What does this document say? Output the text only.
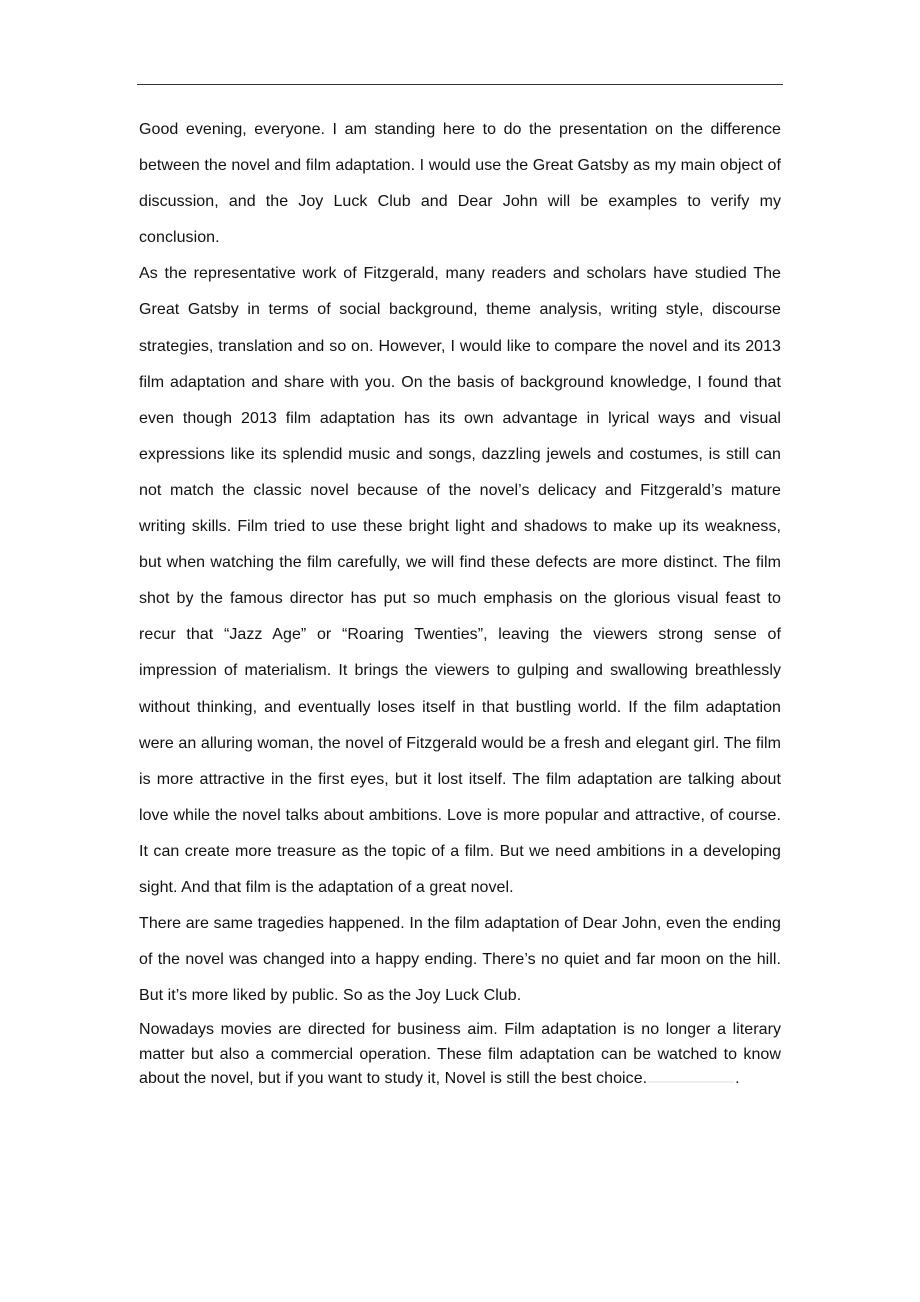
Good evening, everyone. I am standing here to do the presentation on the difference between the novel and film adaptation. I would use the Great Gatsby as my main object of discussion, and the Joy Luck Club and Dear John will be examples to verify my conclusion.

As the representative work of Fitzgerald, many readers and scholars have studied The Great Gatsby in terms of social background, theme analysis, writing style, discourse strategies, translation and so on. However, I would like to compare the novel and its 2013 film adaptation and share with you. On the basis of background knowledge, I found that even though 2013 film adaptation has its own advantage in lyrical ways and visual expressions like its splendid music and songs, dazzling jewels and costumes, is still can not match the classic novel because of the novel’s delicacy and Fitzgerald’s mature writing skills. Film tried to use these bright light and shadows to make up its weakness, but when watching the film carefully, we will find these defects are more distinct. The film shot by the famous director has put so much emphasis on the glorious visual feast to recur that “Jazz Age” or “Roaring Twenties”, leaving the viewers strong sense of impression of materialism. It brings the viewers to gulping and swallowing breathlessly without thinking, and eventually loses itself in that bustling world. If the film adaptation were an alluring woman, the novel of Fitzgerald would be a fresh and elegant girl. The film is more attractive in the first eyes, but it lost itself. The film adaptation are talking about love while the novel talks about ambitions. Love is more popular and attractive, of course. It can create more treasure as the topic of a film. But we need ambitions in a developing sight. And that film is the adaptation of a great novel.

There are same tragedies happened. In the film adaptation of Dear John, even the ending of the novel was changed into a happy ending. There’s no quiet and far moon on the hill. But it’s more liked by public. So as the Joy Luck Club.

Nowadays movies are directed for business aim. Film adaptation is no longer a literary matter but also a commercial operation. These film adaptation can be watched to know about the novel, but if you want to study it, Novel is still the best choice.	.
